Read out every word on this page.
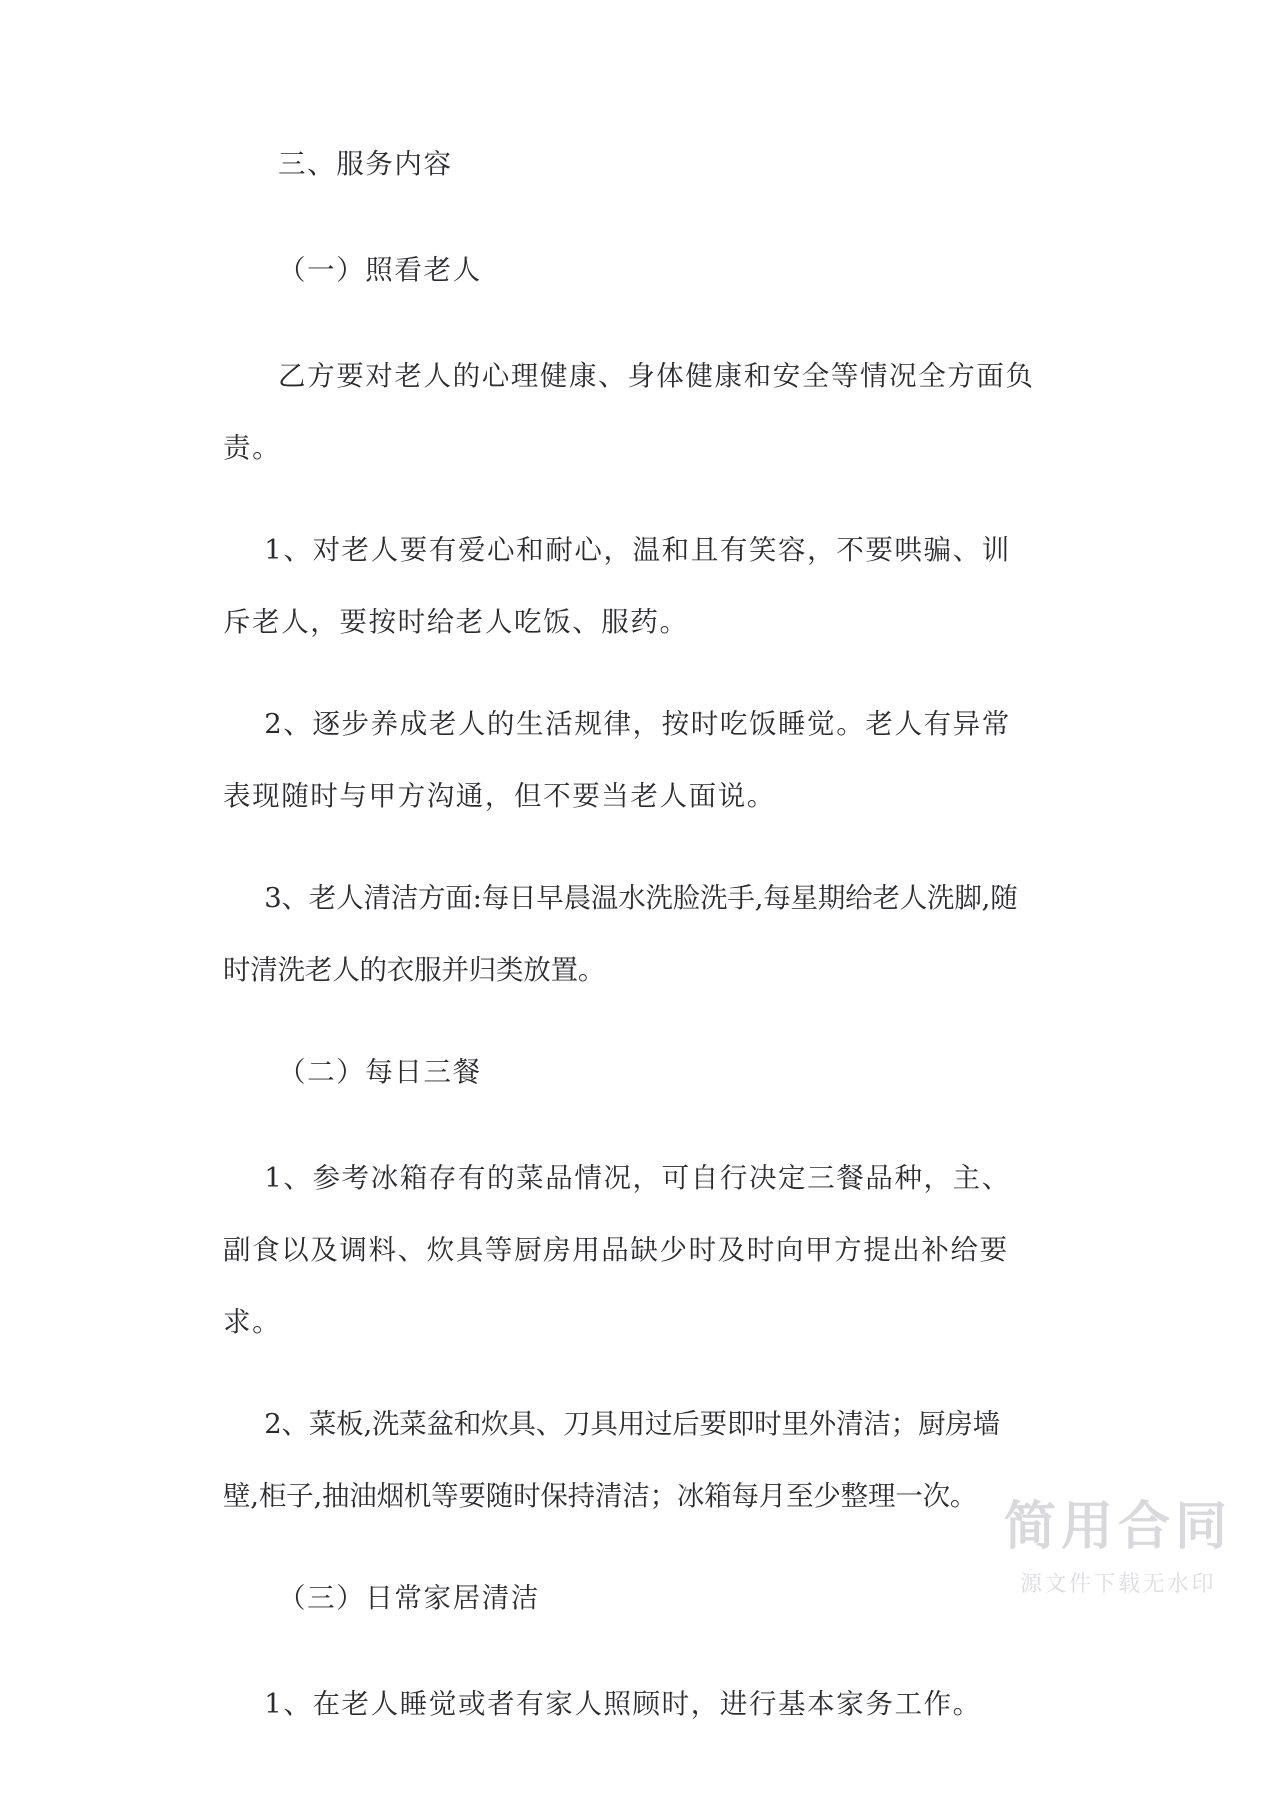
三、服务内容

（一）照看老人

乙方要对老人的心理健康、身体健康和安全等情况全方面负责。

1、对老人要有爱心和耐心，温和且有笑容，不要哄骗、训斥老人，要按时给老人吃饭、服药。

2、逐步养成老人的生活规律，按时吃饭睡觉。老人有异常表现随时与甲方沟通，但不要当老人面说。

3、老人清洁方面:每日早晨温水洗脸洗手,每星期给老人洗脚,随时清洗老人的衣服并归类放置。

（二）每日三餐

1、参考冰箱存有的菜品情况，可自行决定三餐品种，主、副食以及调料、炊具等厨房用品缺少时及时向甲方提出补给要求。

2、菜板,洗菜盆和炊具、刀具用过后要即时里外清洁；厨房墙壁,柜子,抽油烟机等要随时保持清洁；冰箱每月至少整理一次。

（三）日常家居清洁

1、在老人睡觉或者有家人照顾时，进行基本家务工作。

简用合同
源文件下载无水印
